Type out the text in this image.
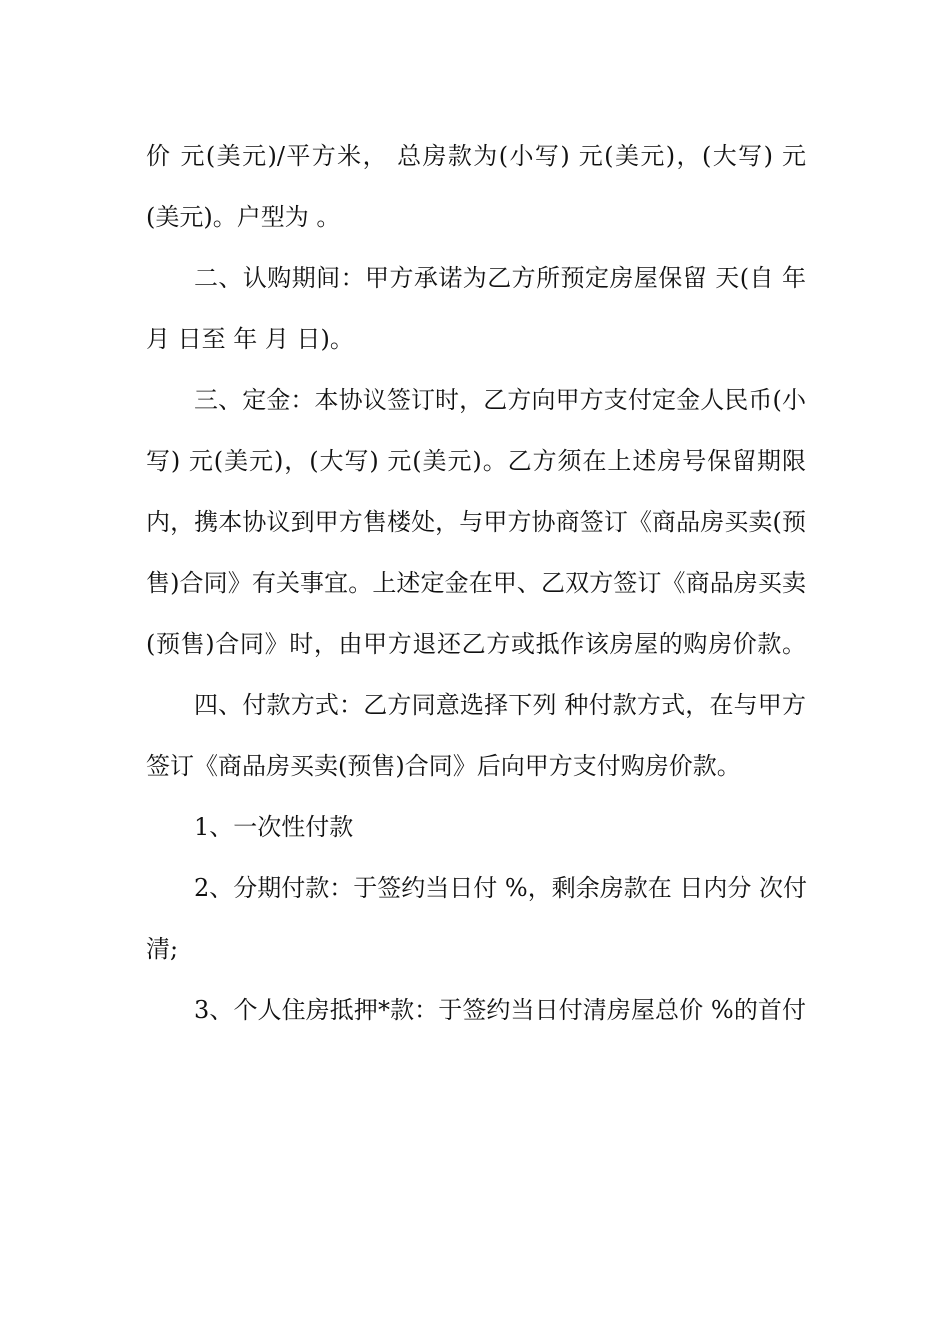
价 元(美元)/平方米， 总房款为(小写) 元(美元)，(大写) 元
(美元)。户型为 。
二、认购期间：甲方承诺为乙方所预定房屋保留 天(自 年
月 日至 年 月 日)。
三、定金：本协议签订时，乙方向甲方支付定金人民币(小
写) 元(美元)，(大写) 元(美元)。乙方须在上述房号保留期限
内，携本协议到甲方售楼处，与甲方协商签订《商品房买卖(预
售)合同》有关事宜。上述定金在甲、乙双方签订《商品房买卖
(预售)合同》时，由甲方退还乙方或抵作该房屋的购房价款。
四、付款方式：乙方同意选择下列 种付款方式，在与甲方
签订《商品房买卖(预售)合同》后向甲方支付购房价款。
1、一次性付款
2、分期付款：于签约当日付 %，剩余房款在 日内分 次付
清;
3、个人住房抵押*款：于签约当日付清房屋总价 %的首付
